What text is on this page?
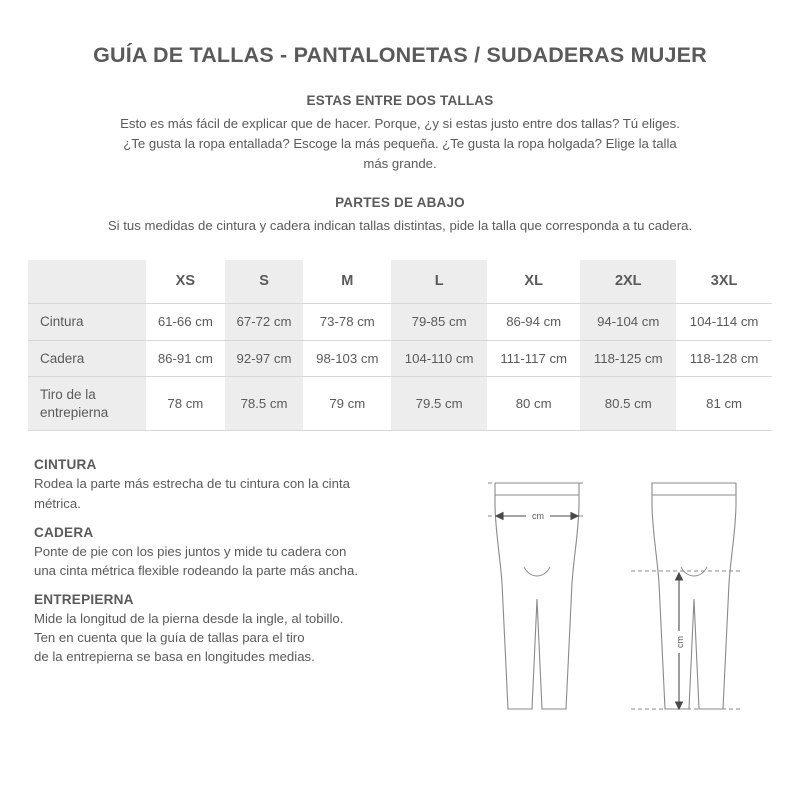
GUÍA DE TALLAS - PANTALONETAS / SUDADERAS MUJER
ESTAS ENTRE DOS TALLAS
Esto es más fácil de explicar que de hacer. Porque, ¿y si estas justo entre dos tallas? Tú eliges.
¿Te gusta la ropa entallada? Escoge la más pequeña. ¿Te gusta la ropa holgada? Elige la talla
más grande.
PARTES DE ABAJO
Si tus medidas de cintura y cadera indican tallas distintas, pide la talla que corresponda a tu cadera.
	XS	S	M	L	XL	2XL	3XL
Cintura	61-66 cm	67-72 cm	73-78 cm	79-85 cm	86-94 cm	94-104 cm	104-114 cm
Cadera	86-91 cm	92-97 cm	98-103 cm	104-110 cm	111-117 cm	118-125 cm	118-128 cm
Tiro de la entrepierna	78 cm	78.5 cm	79 cm	79.5 cm	80 cm	80.5 cm	81 cm
CINTURA
Rodea la parte más estrecha de tu cintura con la cinta
métrica.
CADERA
Ponte de pie con los pies juntos y mide tu cadera con
una cinta métrica flexible rodeando la parte más ancha.
ENTREPIERNA
Mide la longitud de la pierna desde la ingle, al tobillo.
Ten en cuenta que la guía de tallas para el tiro
de la entrepierna se basa en longitudes medias.
cm
cm
